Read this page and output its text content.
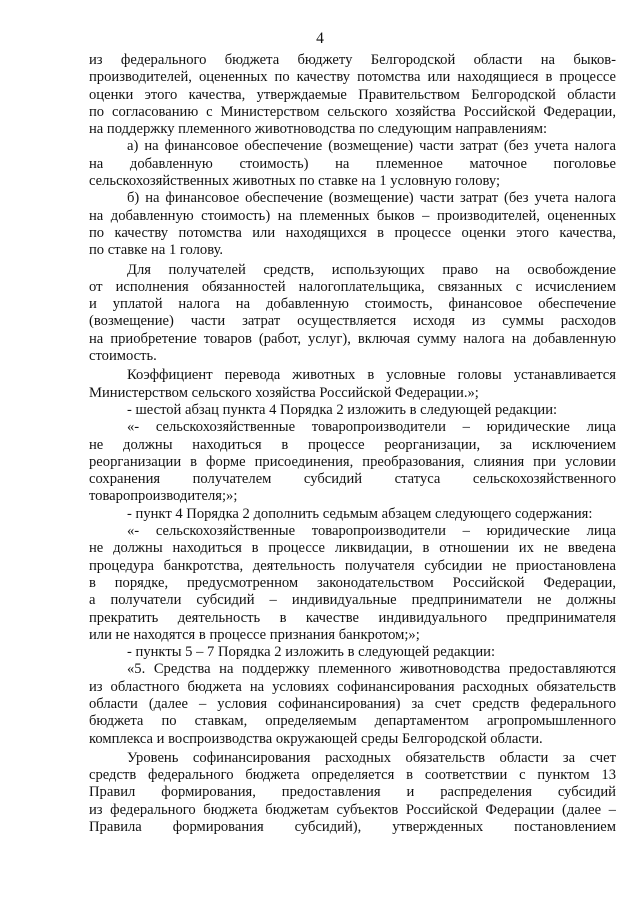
4
из федерального бюджета бюджету Белгородской области на быков-
производителей, оцененных по качеству потомства или находящиеся в процессе
оценки этого качества, утверждаемые Правительством Белгородской области
по согласованию с Министерством сельского хозяйства Российской Федерации,
на поддержку племенного животноводства по следующим направлениям:
а) на финансовое обеспечение (возмещение) части затрат (без учета налога
на добавленную стоимость) на племенное маточное поголовье
сельскохозяйственных животных по ставке на 1 условную голову;
б) на финансовое обеспечение (возмещение) части затрат (без учета налога
на добавленную стоимость) на племенных быков – производителей, оцененных
по качеству потомства или находящихся в процессе оценки этого качества,
по ставке на 1 голову.
Для получателей средств, использующих право на освобождение
от исполнения обязанностей налогоплательщика, связанных с исчислением
и уплатой налога на добавленную стоимость, финансовое обеспечение
(возмещение) части затрат осуществляется исходя из суммы расходов
на приобретение товаров (работ, услуг), включая сумму налога на добавленную
стоимость.
Коэффициент перевода животных в условные головы устанавливается
Министерством сельского хозяйства Российской Федерации.»;
- шестой абзац пункта 4 Порядка 2 изложить в следующей редакции:
«- сельскохозяйственные товаропроизводители – юридические лица
не должны находиться в процессе реорганизации, за исключением
реорганизации в форме присоединения, преобразования, слияния при условии
сохранения получателем субсидий статуса сельскохозяйственного
товаропроизводителя;»;
- пункт 4 Порядка 2 дополнить седьмым абзацем следующего содержания:
«- сельскохозяйственные товаропроизводители – юридические лица
не должны находиться в процессе ликвидации, в отношении их не введена
процедура банкротства, деятельность получателя субсидии не приостановлена
в порядке, предусмотренном законодательством Российской Федерации,
а получатели субсидий – индивидуальные предприниматели не должны
прекратить деятельность в качестве индивидуального предпринимателя
или не находятся в процессе признания банкротом;»;
- пункты 5 – 7 Порядка 2 изложить в следующей редакции:
«5. Средства на поддержку племенного животноводства предоставляются
из областного бюджета на условиях софинансирования расходных обязательств
области (далее – условия софинансирования) за счет средств федерального
бюджета по ставкам, определяемым департаментом агропромышленного
комплекса и воспроизводства окружающей среды Белгородской области.
Уровень софинансирования расходных обязательств области за счет
средств федерального бюджета определяется в соответствии с пунктом 13
Правил формирования, предоставления и распределения субсидий
из федерального бюджета бюджетам субъектов Российской Федерации (далее –
Правила формирования субсидий), утвержденных постановлением
